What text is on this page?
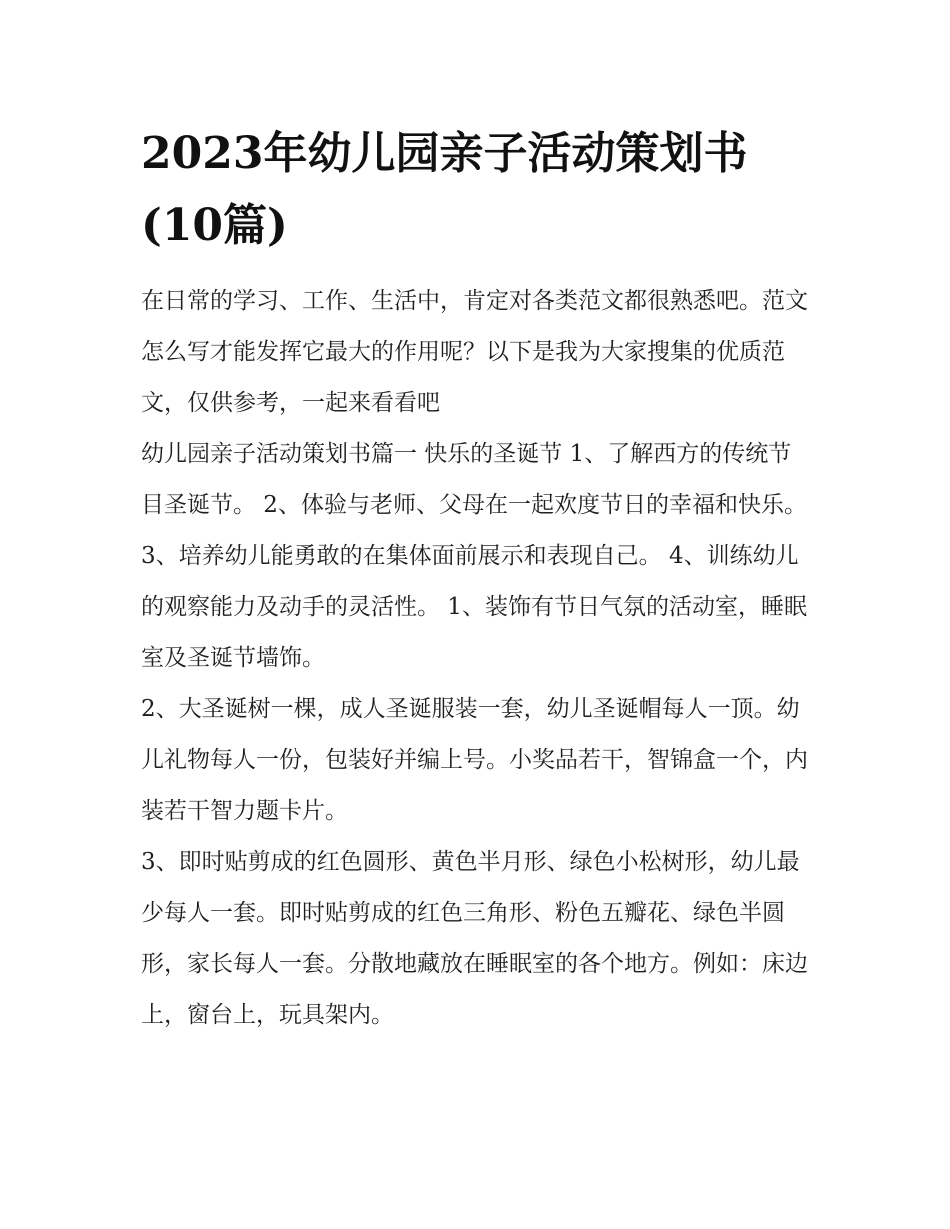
2023年幼儿园亲子活动策划书(10篇)

在日常的学习、工作、生活中，肯定对各类范文都很熟悉吧。范文怎么写才能发挥它最大的作用呢？以下是我为大家搜集的优质范文，仅供参考，一起来看看吧

幼儿园亲子活动策划书篇一 快乐的圣诞节 1、了解西方的传统节目圣诞节。 2、体验与老师、父母在一起欢度节日的幸福和快乐。

3、培养幼儿能勇敢的在集体面前展示和表现自己。 4、训练幼儿的观察能力及动手的灵活性。 1、装饰有节日气氛的活动室，睡眠室及圣诞节墙饰。

2、大圣诞树一棵，成人圣诞服装一套，幼儿圣诞帽每人一顶。幼儿礼物每人一份，包装好并编上号。小奖品若干，智锦盒一个，内装若干智力题卡片。

3、即时贴剪成的红色圆形、黄色半月形、绿色小松树形，幼儿最少每人一套。即时贴剪成的红色三角形、粉色五瓣花、绿色半圆形，家长每人一套。分散地藏放在睡眠室的各个地方。例如：床边上，窗台上，玩具架内。
